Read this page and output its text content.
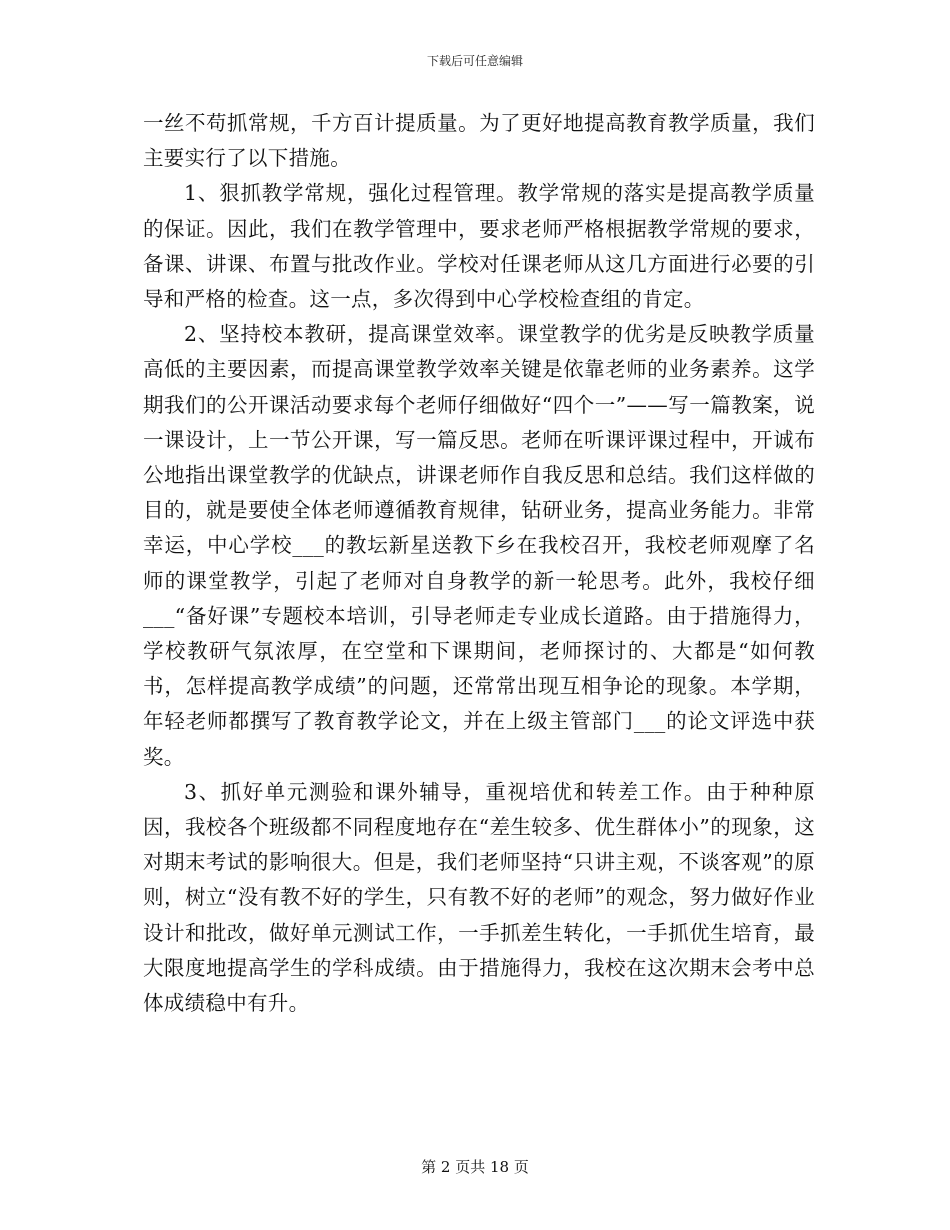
下载后可任意编辑

一丝不苟抓常规，千方百计提质量。为了更好地提高教育教学质量，我们主要实行了以下措施。

1、狠抓教学常规，强化过程管理。教学常规的落实是提高教学质量的保证。因此，我们在教学管理中，要求老师严格根据教学常规的要求，备课、讲课、布置与批改作业。学校对任课老师从这几方面进行必要的引导和严格的检查。这一点，多次得到中心学校检查组的肯定。

2、坚持校本教研，提高课堂效率。课堂教学的优劣是反映教学质量高低的主要因素，而提高课堂教学效率关键是依靠老师的业务素养。这学期我们的公开课活动要求每个老师仔细做好“四个一”——写一篇教案，说一课设计，上一节公开课，写一篇反思。老师在听课评课过程中，开诚布公地指出课堂教学的优缺点，讲课老师作自我反思和总结。我们这样做的目的，就是要使全体老师遵循教育规律，钻研业务，提高业务能力。非常幸运，中心学校___的教坛新星送教下乡在我校召开，我校老师观摩了名师的课堂教学，引起了老师对自身教学的新一轮思考。此外，我校仔细___“备好课”专题校本培训，引导老师走专业成长道路。由于措施得力，学校教研气氛浓厚，在空堂和下课期间，老师探讨的、大都是“如何教书，怎样提高教学成绩”的问题，还常常出现互相争论的现象。本学期，年轻老师都撰写了教育教学论文，并在上级主管部门___的论文评选中获奖。

3、抓好单元测验和课外辅导，重视培优和转差工作。由于种种原因，我校各个班级都不同程度地存在“差生较多、优生群体小”的现象，这对期末考试的影响很大。但是，我们老师坚持“只讲主观，不谈客观”的原则，树立“没有教不好的学生，只有教不好的老师”的观念，努力做好作业设计和批改，做好单元测试工作，一手抓差生转化，一手抓优生培育，最大限度地提高学生的学科成绩。由于措施得力，我校在这次期末会考中总体成绩稳中有升。

第 2 页共 18 页
